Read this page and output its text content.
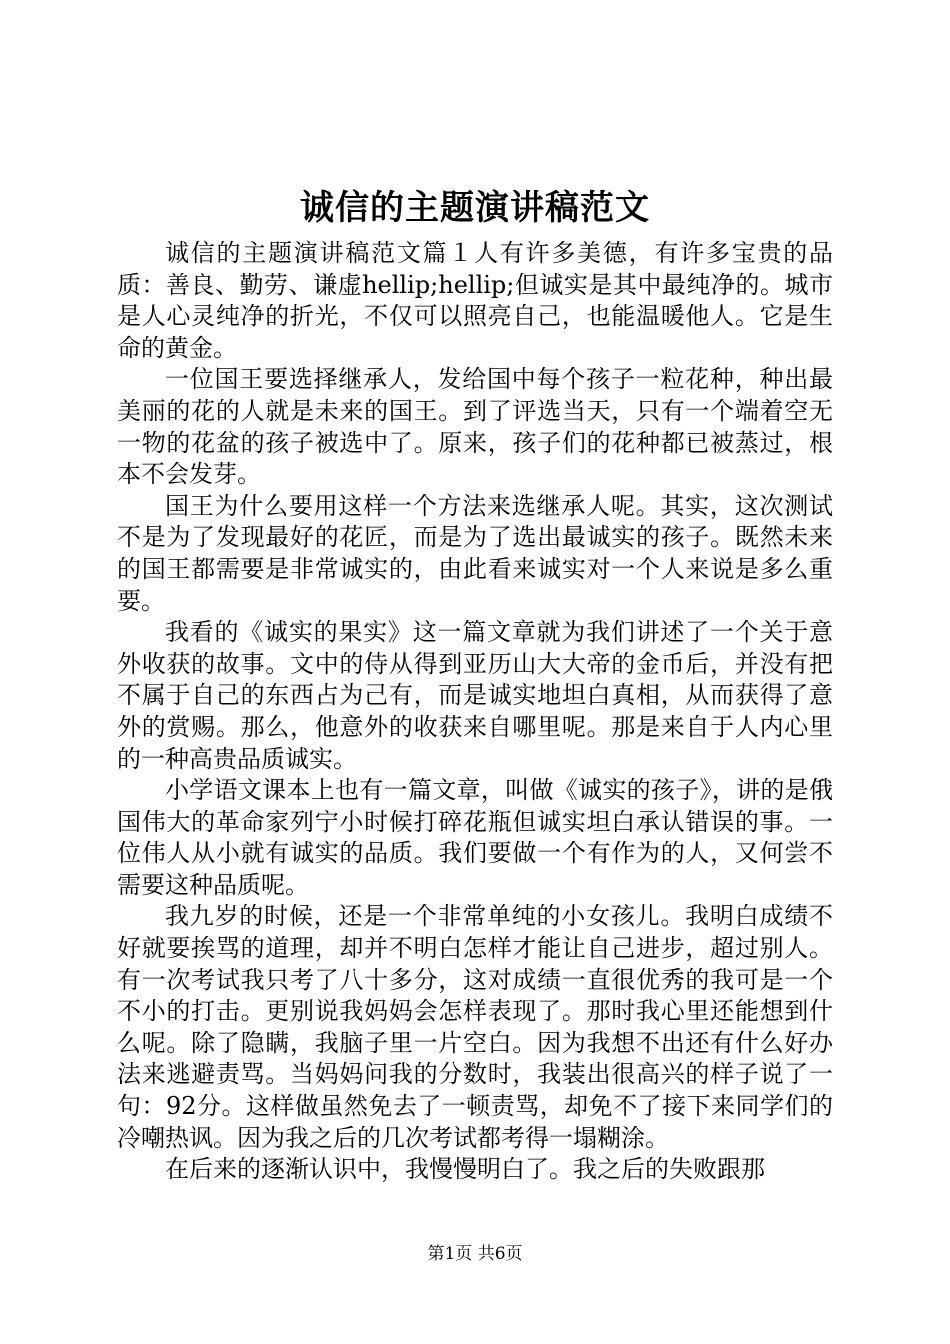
诚信的主题演讲稿范文

诚信的主题演讲稿范文篇１人有许多美德，有许多宝贵的品质：善良、勤劳、谦虚hellip;hellip;但诚实是其中最纯净的。城市是人心灵纯净的折光，不仅可以照亮自己，也能温暖他人。它是生命的黄金。

一位国王要选择继承人，发给国中每个孩子一粒花种，种出最美丽的花的人就是未来的国王。到了评选当天，只有一个端着空无一物的花盆的孩子被选中了。原来，孩子们的花种都已被蒸过，根本不会发芽。

国王为什么要用这样一个方法来选继承人呢。其实，这次测试不是为了发现最好的花匠，而是为了选出最诚实的孩子。既然未来的国王都需要是非常诚实的，由此看来诚实对一个人来说是多么重要。

我看的《诚实的果实》这一篇文章就为我们讲述了一个关于意外收获的故事。文中的侍从得到亚历山大大帝的金币后，并没有把不属于自己的东西占为己有，而是诚实地坦白真相，从而获得了意外的赏赐。那么，他意外的收获来自哪里呢。那是来自于人内心里的一种高贵品质诚实。

小学语文课本上也有一篇文章，叫做《诚实的孩子》，讲的是俄国伟大的革命家列宁小时候打碎花瓶但诚实坦白承认错误的事。一位伟人从小就有诚实的品质。我们要做一个有作为的人，又何尝不需要这种品质呢。

我九岁的时候，还是一个非常单纯的小女孩儿。我明白成绩不好就要挨骂的道理，却并不明白怎样才能让自己进步，超过别人。有一次考试我只考了八十多分，这对成绩一直很优秀的我可是一个不小的打击。更别说我妈妈会怎样表现了。那时我心里还能想到什么呢。除了隐瞒，我脑子里一片空白。因为我想不出还有什么好办法来逃避责骂。当妈妈问我的分数时，我装出很高兴的样子说了一句：92分。这样做虽然免去了一顿责骂，却免不了接下来同学们的冷嘲热讽。因为我之后的几次考试都考得一塌糊涂。

在后来的逐渐认识中，我慢慢明白了。我之后的失败跟那

第1页 共6页
